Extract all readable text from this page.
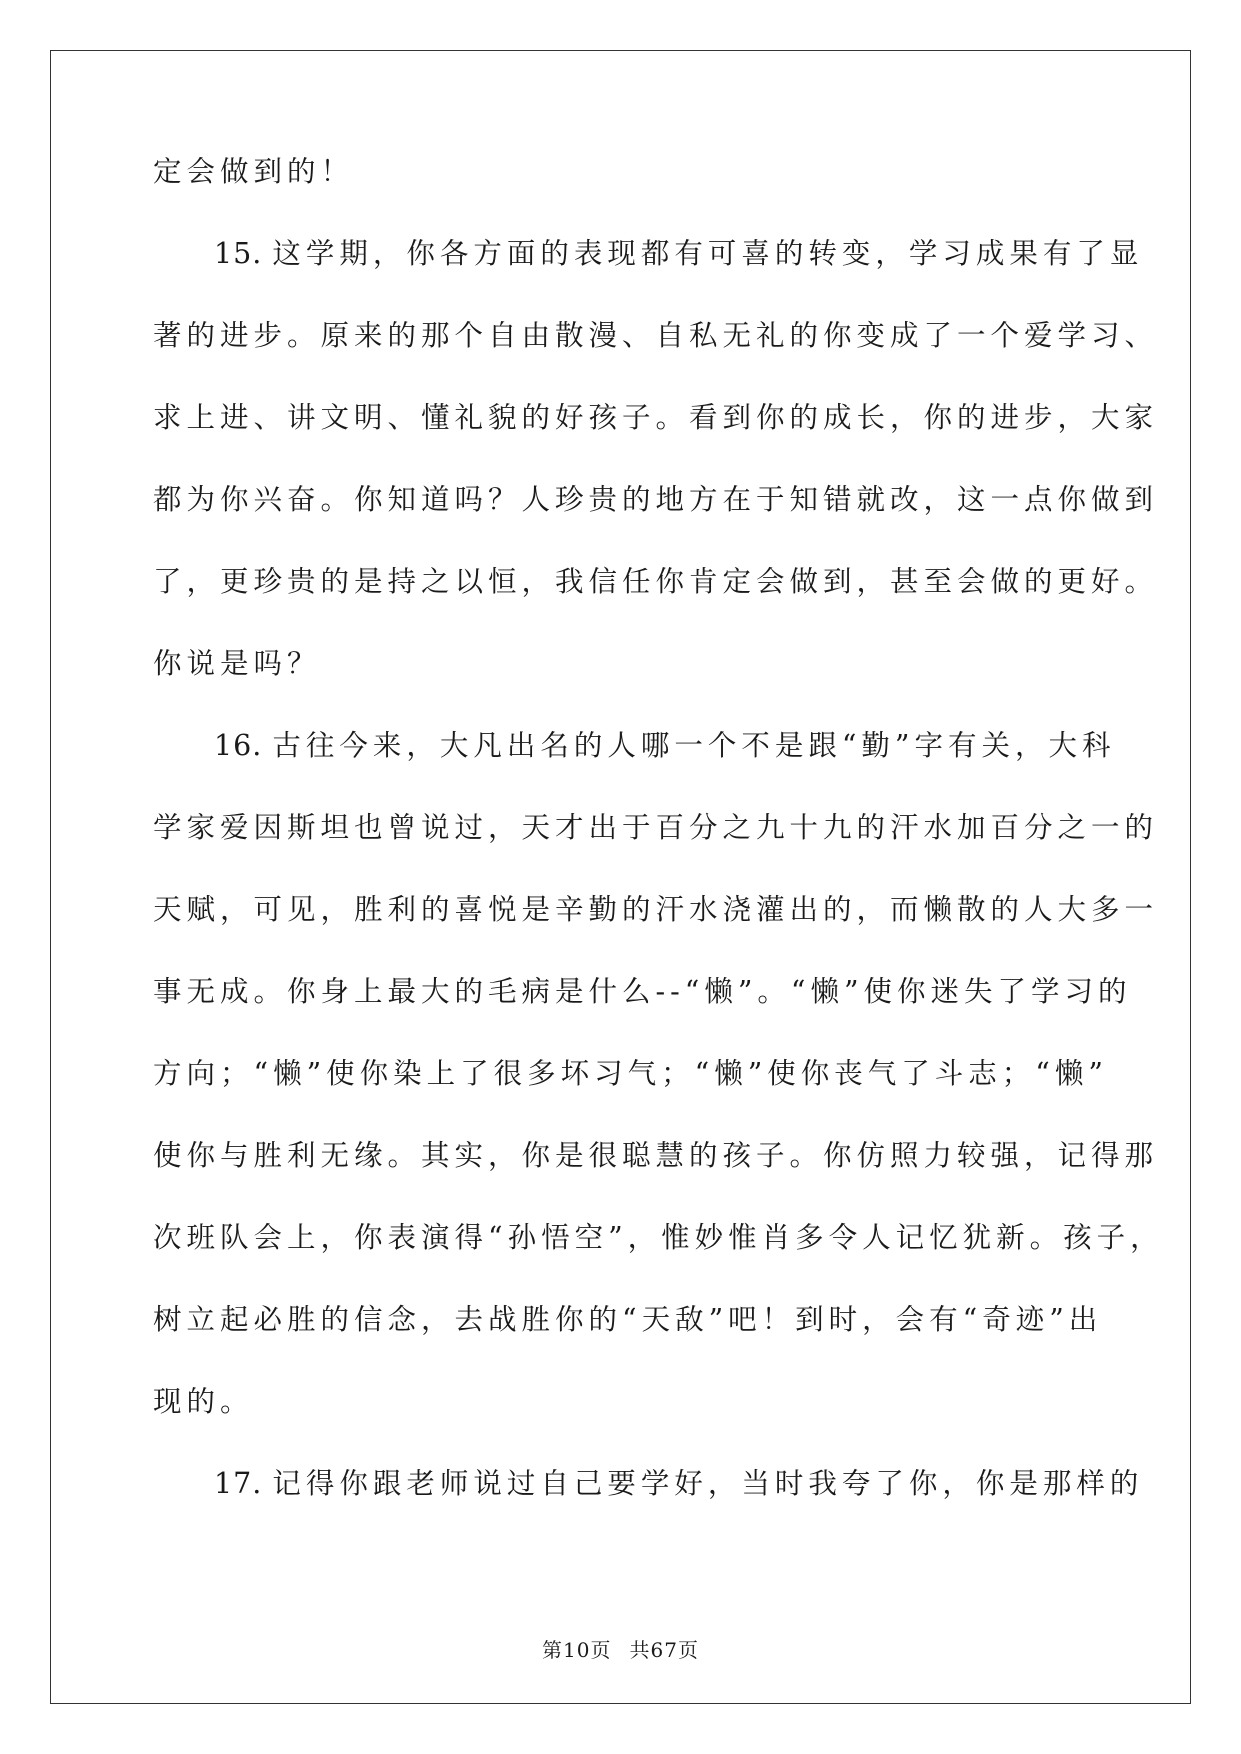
定会做到的！
15. 这学期，你各方面的表现都有可喜的转变，学习成果有了显
著的进步。原来的那个自由散漫、自私无礼的你变成了一个爱学习、
求上进、讲文明、懂礼貌的好孩子。看到你的成长，你的进步，大家
都为你兴奋。你知道吗？人珍贵的地方在于知错就改，这一点你做到
了，更珍贵的是持之以恒，我信任你肯定会做到，甚至会做的更好。
你说是吗？
16. 古往今来，大凡出名的人哪一个不是跟“勤”字有关，大科
学家爱因斯坦也曾说过，天才出于百分之九十九的汗水加百分之一的
天赋，可见，胜利的喜悦是辛勤的汗水浇灌出的，而懒散的人大多一
事无成。你身上最大的毛病是什么--“懒”。“懒”使你迷失了学习的
方向；“懒”使你染上了很多坏习气；“懒”使你丧气了斗志；“懒”
使你与胜利无缘。其实，你是很聪慧的孩子。你仿照力较强，记得那
次班队会上，你表演得“孙悟空”，惟妙惟肖多令人记忆犹新。孩子，
树立起必胜的信念，去战胜你的“天敌”吧！到时，会有“奇迹”出
现的。
17. 记得你跟老师说过自己要学好，当时我夸了你，你是那样的
第10页 共67页
